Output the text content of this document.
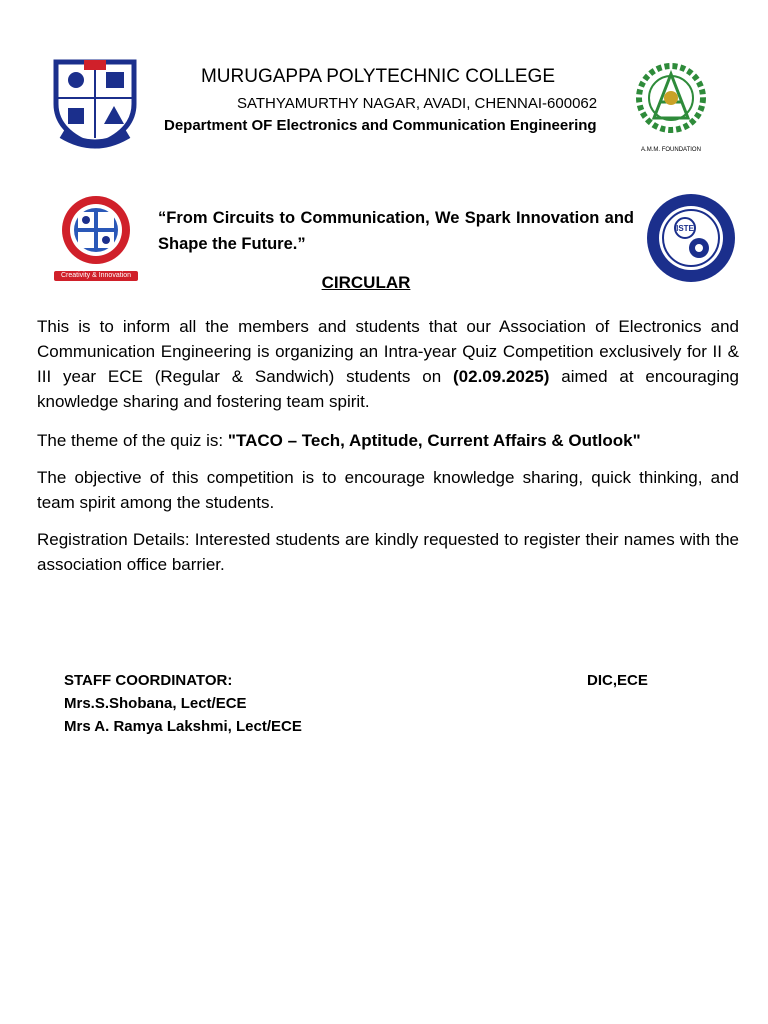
MURUGAPPA POLYTECHNIC COLLEGE
SATHYAMURTHY NAGAR, AVADI, CHENNAI-600062
Department OF Electronics and Communication Engineering
A.M.M. FOUNDATION
Creativity & Innovation
“From Circuits to Communication, We Spark Innovation and Shape the Future.”
ISTE
CIRCULAR
This is to inform all the members and students that our Association of Electronics and Communication Engineering is organizing an Intra-year Quiz Competition exclusively for II & III year ECE (Regular & Sandwich) students on (02.09.2025) aimed at encouraging knowledge sharing and fostering team spirit.
The theme of the quiz is: "TACO – Tech, Aptitude, Current Affairs & Outlook"
The objective of this competition is to encourage knowledge sharing, quick thinking, and team spirit among the students.
Registration Details: Interested students are kindly requested to register their names with the association office barrier.
STAFF COORDINATOR:
Mrs.S.Shobana, Lect/ECE
Mrs A. Ramya Lakshmi, Lect/ECE
DIC,ECE
